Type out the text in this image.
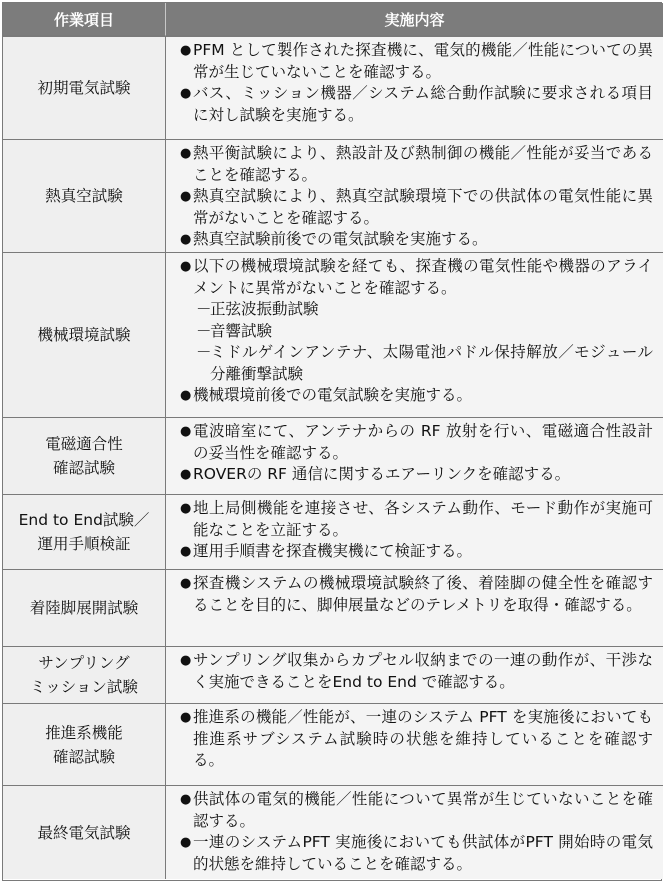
作業項目	実施内容
初期電気試験
● PFM として製作された探査機に、電気的機能／性能についての異常が生じていないことを確認する。
● バス、ミッション機器／システム総合動作試験に要求される項目に対し試験を実施する。
熱真空試験
● 熱平衡試験により、熱設計及び熱制御の機能／性能が妥当であることを確認する。
● 熱真空試験により、熱真空試験環境下での供試体の電気性能に異常がないことを確認する。
● 熱真空試験前後での電気試験を実施する。
機械環境試験
● 以下の機械環境試験を経ても、探査機の電気性能や機器のアライメントに異常がないことを確認する。
－
正弦波振動試験
－
音響試験
－
ミドルゲインアンテナ、太陽電池パドル保持解放／モジュール分離衝撃試験
● 機械環境前後での電気試験を実施する。
電磁適合性
確認試験
● 電波暗室にて、アンテナからの RF 放射を行い、電磁適合性設計の妥当性を確認する。
● ROVERの RF 通信に関するエアーリンクを確認する。
End to End試験／
運用手順検証
● 地上局側機能を連接させ、各システム動作、モード動作が実施可能なことを立証する。
● 運用手順書を探査機実機にて検証する。
着陸脚展開試験
● 探査機システムの機械環境試験終了後、着陸脚の健全性を確認することを目的に、脚伸展量などのテレメトリを取得・確認する。
サンプリング
ミッション試験
● サンプリング収集からカプセル収納までの一連の動作が、干渉なく実施できることをEnd to End で確認する。
推進系機能
確認試験
● 推進系の機能／性能が、一連のシステム PFT を実施後においても推進系サブシステム試験時の状態を維持していることを確認する。
最終電気試験
● 供試体の電気的機能／性能について異常が生じていないことを確認する。
● 一連のシステムPFT 実施後においても供試体がPFT 開始時の電気的状態を維持していることを確認する。
